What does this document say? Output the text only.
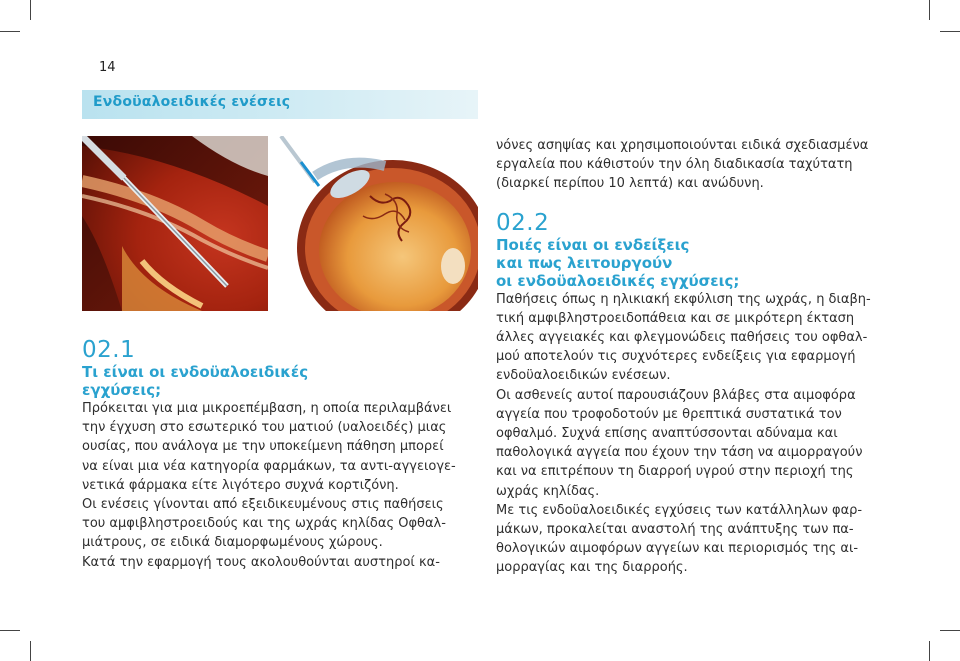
14
Ενδοϋαλοειδικές ενέσεις
02.1
Τι είναι οι ενδοϋαλοειδικές
εγχύσεις;

Πρόκειται για μια μικροεπέμβαση, η οποία περιλαμβάνει
την έγχυση στο εσωτερικό του ματιού (υαλοειδές) μιας
ουσίας, που ανάλογα με την υποκείμενη πάθηση μπορεί
να είναι μια νέα κατηγορία φαρμάκων, τα αντι-αγγειογε-
νετικά φάρμακα είτε λιγότερο συχνά κορτιζόνη.

Οι ενέσεις γίνονται από εξειδικευμένους στις παθήσεις
του αμφιβληστροειδούς και της ωχράς κηλίδας Οφθαλ-
μιάτρους, σε ειδικά διαμορφωμένους χώρους.

Κατά την εφαρμογή τους ακολουθούνται αυστηροί κα-

νόνες ασηψίας και χρησιμοποιούνται ειδικά σχεδιασμένα
εργαλεία που κάθιστούν την όλη διαδικασία ταχύτατη
(διαρκεί περίπου 10 λεπτά) και ανώδυνη.

02.2
Ποιές είναι οι ενδείξεις
και πως λειτουργούν
οι ενδοϋαλοειδικές εγχύσεις;

Παθήσεις όπως η ηλικιακή εκφύλιση της ωχράς, η διαβη-
τική αμφιβληστροειδοπάθεια και σε μικρότερη έκταση
άλλες αγγειακές και φλεγμονώδεις παθήσεις του οφθαλ-
μού αποτελούν τις συχνότερες ενδείξεις για εφαρμογή
ενδοϋαλοειδικών ενέσεων.

Οι ασθενείς αυτοί παρουσιάζουν βλάβες στα αιμοφόρα
αγγεία που τροφοδοτούν με θρεπτικά συστατικά τον
οφθαλμό. Συχνά επίσης αναπτύσσονται αδύναμα και
παθολογικά αγγεία που έχουν την τάση να αιμορραγούν
και να επιτρέπουν τη διαρροή υγρού στην περιοχή της
ωχράς κηλίδας.

Με τις ενδοϋαλοειδικές εγχύσεις των κατάλληλων φαρ-
μάκων, προκαλείται αναστολή της ανάπτυξης των πα-
θολογικών αιμοφόρων αγγείων και περιορισμός της αι-
μορραγίας και της διαρροής.
